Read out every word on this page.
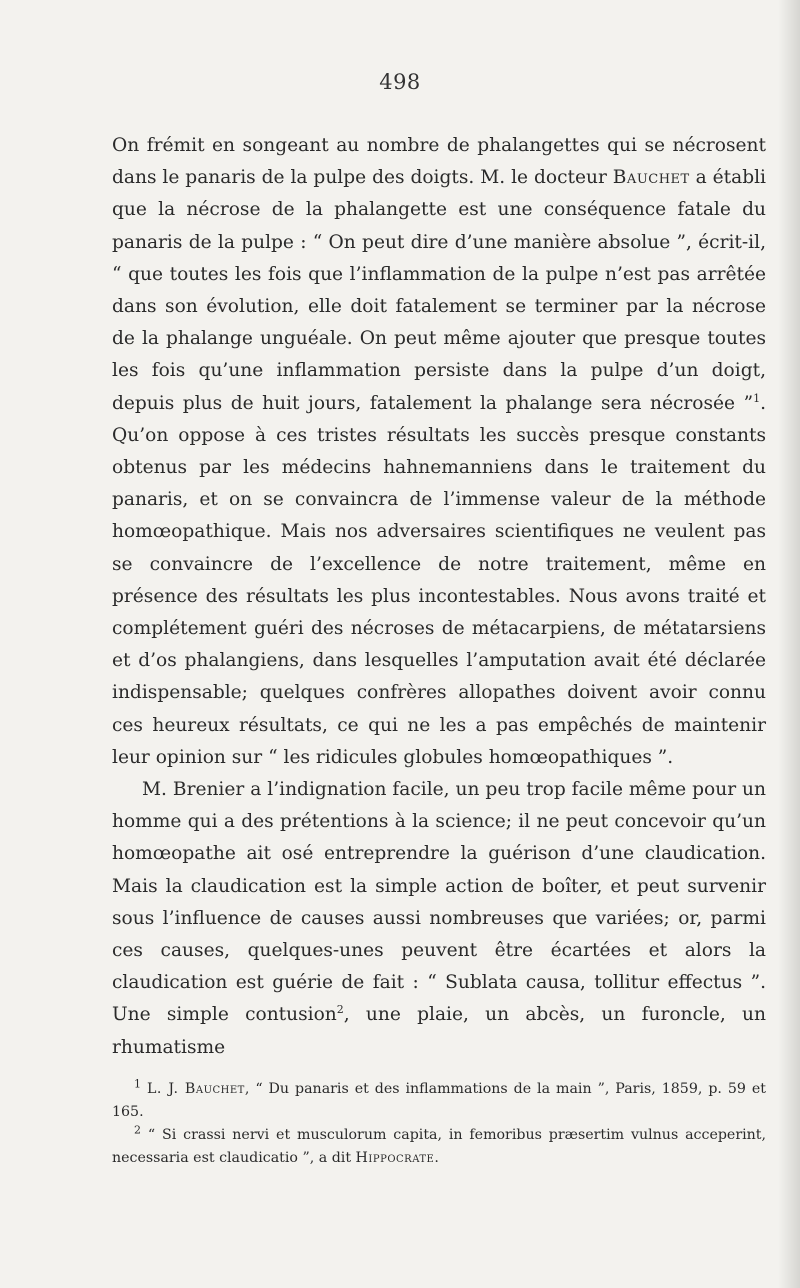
498

On frémit en songeant au nombre de phalangettes qui se nécrosent dans le panaris de la pulpe des doigts. M. le docteur Bauchet a établi que la nécrose de la phalangette est une conséquence fatale du panaris de la pulpe : “ On peut dire d’une manière absolue ”, écrit-il, “ que toutes les fois que l’inflammation de la pulpe n’est pas arrêtée dans son évolution, elle doit fatalement se terminer par la nécrose de la phalange unguéale. On peut même ajouter que presque toutes les fois qu’une inflammation persiste dans la pulpe d’un doigt, depuis plus de huit jours, fatalement la phalange sera nécrosée ”$^1$. Qu’on oppose à ces tristes résultats les succès presque constants obtenus par les médecins hahnemanniens dans le traitement du panaris, et on se convaincra de l’immense valeur de la méthode homœopathique. Mais nos adversaires scientifiques ne veulent pas se convaincre de l’excellence de notre traitement, même en présence des résultats les plus incontestables. Nous avons traité et complétement guéri des nécroses de métacarpiens, de métatarsiens et d’os phalangiens, dans lesquelles l’amputation avait été déclarée indispensable; quelques confrères allopathes doivent avoir connu ces heureux résultats, ce qui ne les a pas empêchés de maintenir leur opinion sur “ les ridicules globules homœopathiques ”.

M. Brenier a l’indignation facile, un peu trop facile même pour un homme qui a des prétentions à la science; il ne peut concevoir qu’un homœopathe ait osé entreprendre la guérison d’une claudication. Mais la claudication est la simple action de boîter, et peut survenir sous l’influence de causes aussi nombreuses que variées; or, parmi ces causes, quelques-unes peuvent être écartées et alors la claudication est guérie de fait : “ Sublata causa, tollitur effectus ”. Une simple contusion$^2$, une plaie, un abcès, un furoncle, un rhumatisme

$^1$ L. J. Bauchet, “ Du panaris et des inflammations de la main ”, Paris, 1859, p. 59 et 165.

$^2$ “ Si crassi nervi et musculorum capita, in femoribus præsertim vulnus acceperint, necessaria est claudicatio ”, a dit Hippocrate.
